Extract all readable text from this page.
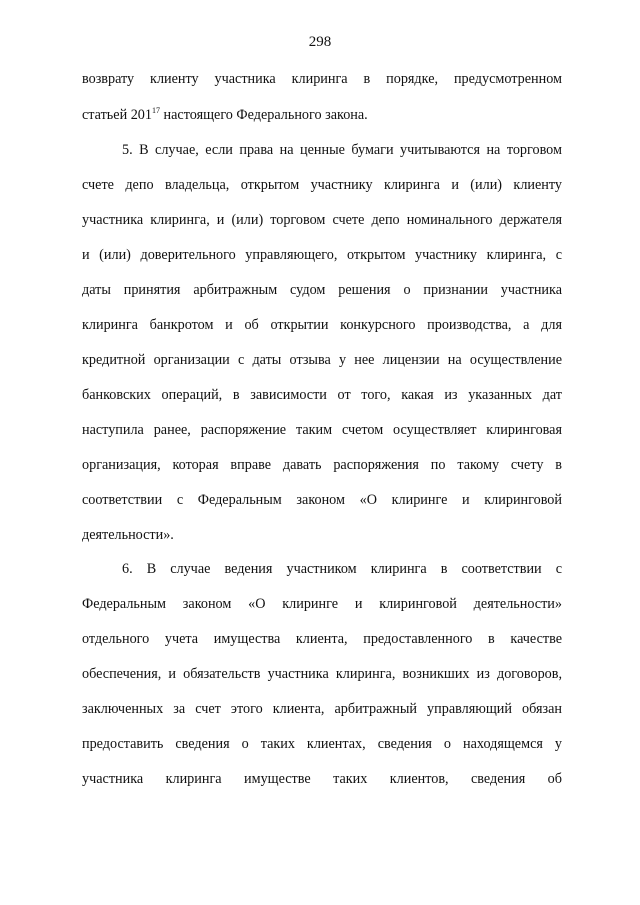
298
возврату клиенту участника клиринга в порядке, предусмотренном
статьей $201^{17}$ настоящего Федерального закона.
5. В случае, если права на ценные бумаги учитываются на торговом
счете депо владельца, открытом участнику клиринга и (или) клиенту
участника клиринга, и (или) торговом счете депо номинального держателя
и (или) доверительного управляющего, открытом участнику клиринга, с
даты принятия арбитражным судом решения о признании участника
клиринга банкротом и об открытии конкурсного производства, а для
кредитной организации с даты отзыва у нее лицензии на осуществление
банковских операций, в зависимости от того, какая из указанных дат
наступила ранее, распоряжение таким счетом осуществляет клиринговая
организация, которая вправе давать распоряжения по такому счету в
соответствии с Федеральным законом «О клиринге и клиринговой
деятельности».
6. В случае ведения участником клиринга в соответствии с
Федеральным законом «О клиринге и клиринговой деятельности»
отдельного учета имущества клиента, предоставленного в качестве
обеспечения, и обязательств участника клиринга, возникших из договоров,
заключенных за счет этого клиента, арбитражный управляющий обязан
предоставить сведения о таких клиентах, сведения о находящемся у
участника клиринга имуществе таких клиентов, сведения об
